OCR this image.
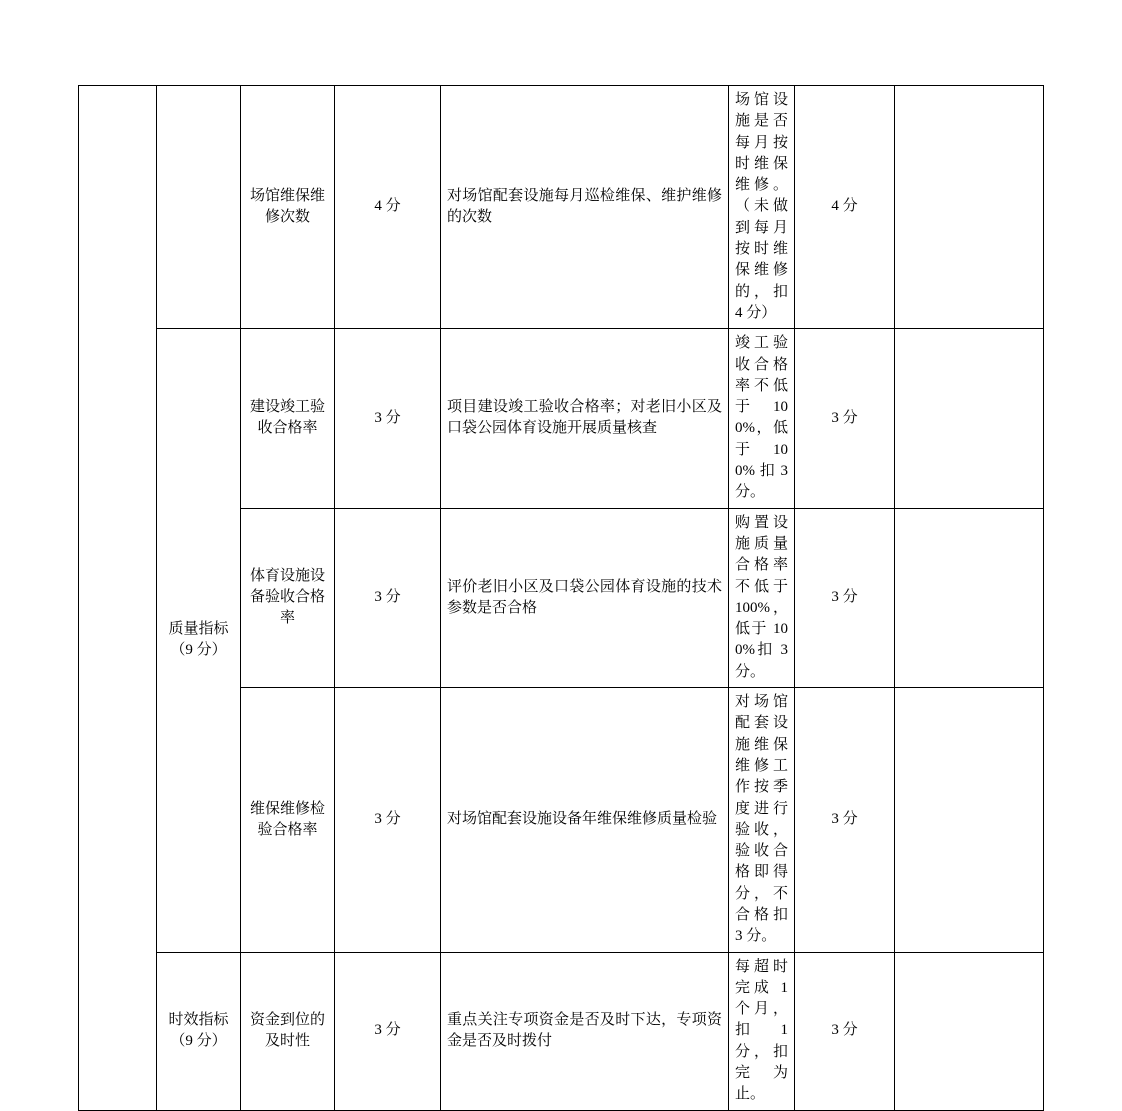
		场馆维保维修次数	4 分	对场馆配套设施每月巡检维保、维护维修的次数	场馆设施是否每月按时维保维修。（未做到每月按时维保维修的，扣 4 分）	4 分	
	质量指标（9 分）	建设竣工验收合格率	3 分	项目建设竣工验收合格率；对老旧小区及口袋公园体育设施开展质量核查	竣工验收合格率不低于 100%，低于 100% 扣 3 分。	3 分	
		体育设施设备验收合格率	3 分	评价老旧小区及口袋公园体育设施的技术参数是否合格	购置设施质量合格率不低于 100%，低于 100%扣 3 分。	3 分	
		维保维修检验合格率	3 分	对场馆配套设施设备年维保维修质量检验	对场馆配套设施维保维修工作按季度进行验收，验收合格即得分，不合格扣 3 分。	3 分	
	时效指标（9 分）	资金到位的及时性	3 分	重点关注专项资金是否及时下达，专项资金是否及时拨付	每超时完成 1 个月，扣 1 分，扣完为止。	3 分	
